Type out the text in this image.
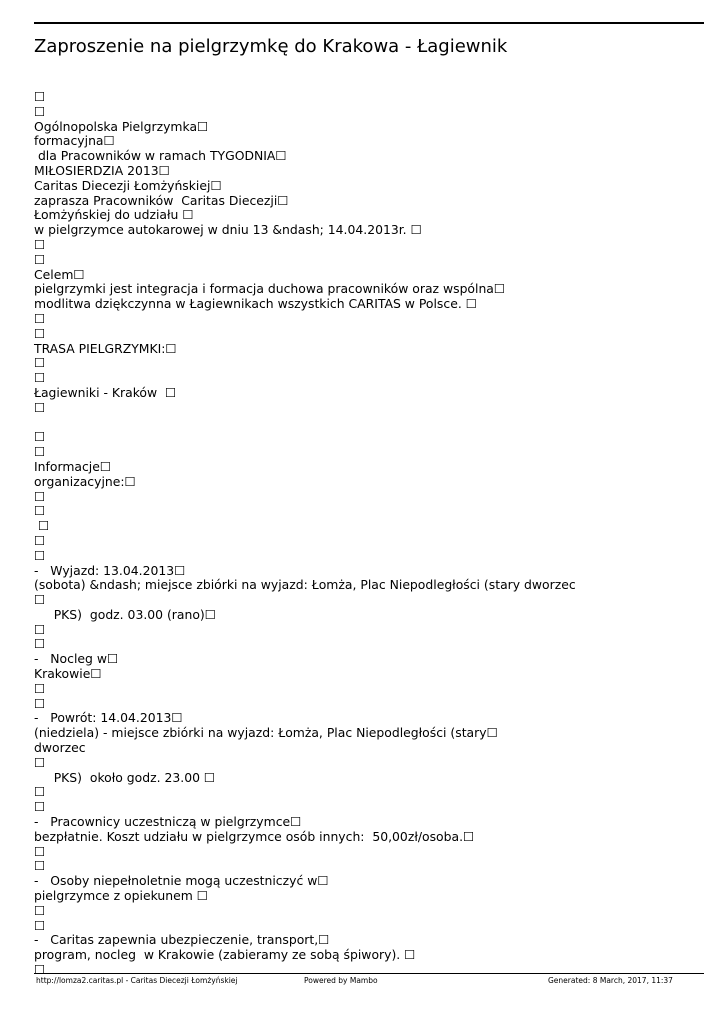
Zaproszenie na pielgrzymkę do Krakowa - Łagiewnik
☐
☐
Ogólnopolska Pielgrzymka☐
formacyjna☐
dla Pracowników w ramach TYGODNIA☐
MIŁOSIERDZIA 2013☐
Caritas Diecezji Łomżyńskiej☐
zaprasza Pracowników  Caritas Diecezji☐
Łomżyńskiej do udziału ☐
w pielgrzymce autokarowej w dniu 13 &ndash; 14.04.2013r. ☐
☐
☐
Celem☐
pielgrzymki jest integracja i formacja duchowa pracowników oraz wspólna☐
modlitwa dziękczynna w Łagiewnikach wszystkich CARITAS w Polsce. ☐
☐
☐
TRASA PIELGRZYMKI:☐
☐
☐
Łagiewniki - Kraków  ☐
☐
☐
☐
Informacje☐
organizacyjne:☐
☐
☐
☐
☐
☐
-   Wyjazd: 13.04.2013☐
(sobota) &ndash; miejsce zbiórki na wyjazd: Łomża, Plac Niepodległości (stary dworzec
☐
PKS)  godz. 03.00 (rano)☐
☐
☐
-   Nocleg w☐
Krakowie☐
☐
☐
-   Powrót: 14.04.2013☐
(niedziela) - miejsce zbiórki na wyjazd: Łomża, Plac Niepodległości (stary☐
dworzec
☐
PKS)  około godz. 23.00 ☐
☐
☐
-   Pracownicy uczestniczą w pielgrzymce☐
bezpłatnie. Koszt udziału w pielgrzymce osób innych:  50,00zł/osoba.☐
☐
☐
-   Osoby niepełnoletnie mogą uczestniczyć w☐
pielgrzymce z opiekunem ☐
☐
☐
-   Caritas zapewnia ubezpieczenie, transport,☐
program, nocleg  w Krakowie (zabieramy ze sobą śpiwory). ☐
☐
http://lomza2.caritas.pl - Caritas Diecezji Łomżyńskiej	Powered by Mambo	Generated: 8 March, 2017, 11:37
